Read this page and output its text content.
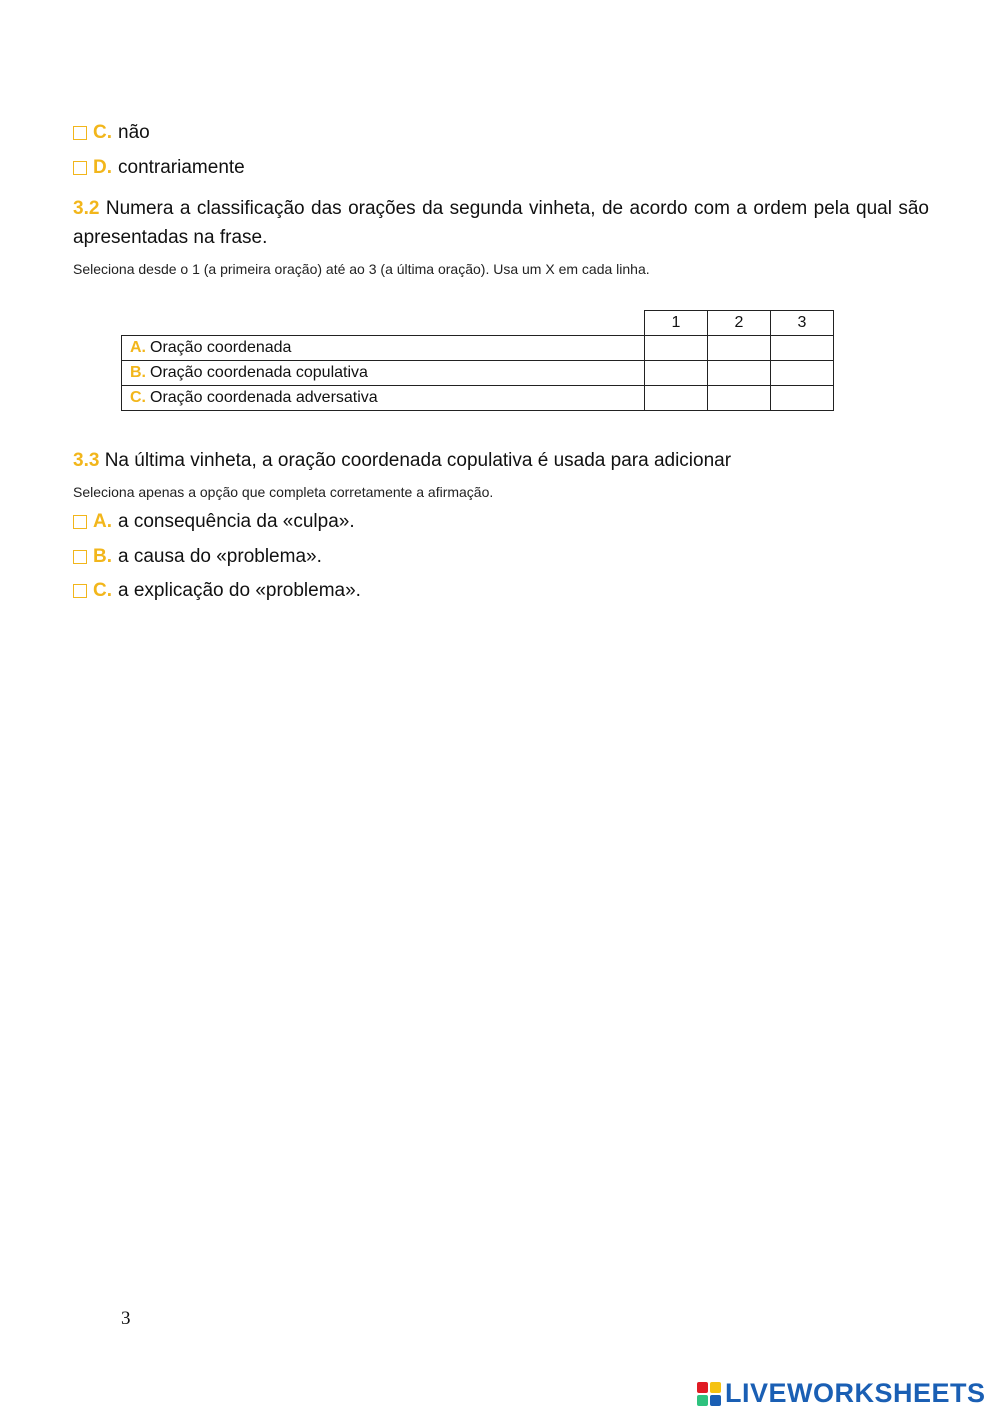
C. não
D. contrariamente
3.2 Numera a classificação das orações da segunda vinheta, de acordo com a ordem pela qual são apresentadas na frase.
Seleciona desde o 1 (a primeira oração) até ao 3 (a última oração). Usa um X em cada linha.
	1	2	3
A. Oração coordenada			
B. Oração coordenada copulativa			
C. Oração coordenada adversativa			
3.3 Na última vinheta, a oração coordenada copulativa é usada para adicionar
Seleciona apenas a opção que completa corretamente a afirmação.
A. a consequência da «culpa».
B. a causa do «problema».
C. a explicação do «problema».
3
LIVEWORKSHEETS
